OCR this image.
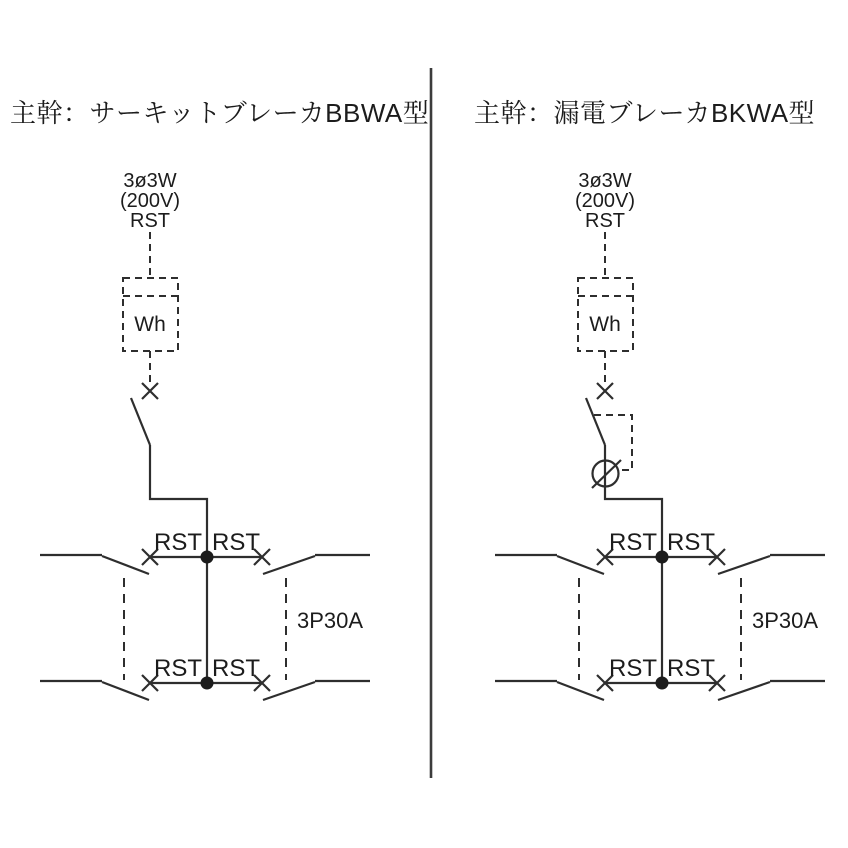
主幹：サーキットブレーカBBWA型
3ø3W
(200V)
RST
Wh
RST RST
RST RST
3P30A
主幹：漏電ブレーカBKWA型
3ø3W
(200V)
RST
Wh
RST RST
RST RST
3P30A
